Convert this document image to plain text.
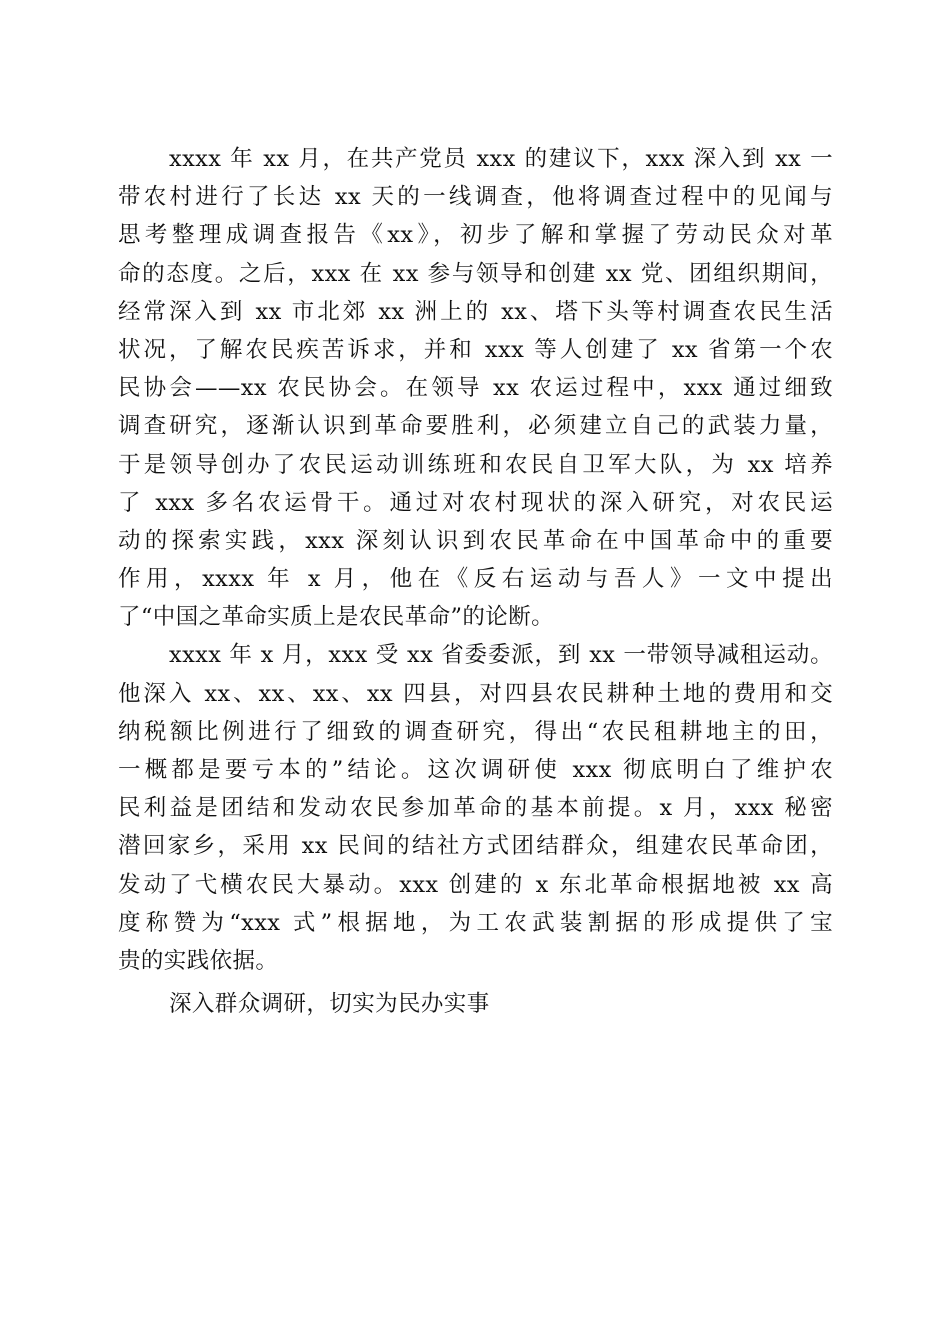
xxxx 年 xx 月，在共产党员 xxx 的建议下，xxx 深入到 xx 一
带农村进行了长达 xx 天的一线调查，他将调查过程中的见闻与
思考整理成调查报告《xx》，初步了解和掌握了劳动民众对革
命的态度。之后，xxx 在 xx 参与领导和创建 xx 党、团组织期间，
经常深入到 xx 市北郊 xx 洲上的 xx、塔下头等村调查农民生活
状况，了解农民疾苦诉求，并和 xxx 等人创建了 xx 省第一个农
民协会——xx 农民协会。在领导 xx 农运过程中，xxx 通过细致
调查研究，逐渐认识到革命要胜利，必须建立自己的武装力量，
于是领导创办了农民运动训练班和农民自卫军大队，为 xx 培养
了 xxx 多名农运骨干。通过对农村现状的深入研究，对农民运
动的探索实践，xxx 深刻认识到农民革命在中国革命中的重要
作用，xxxx 年 x 月，他在《反右运动与吾人》一文中提出
了“中国之革命实质上是农民革命”的论断。
xxxx 年 x 月，xxx 受 xx 省委委派，到 xx 一带领导减租运动。
他深入 xx、xx、xx、xx 四县，对四县农民耕种土地的费用和交
纳税额比例进行了细致的调查研究，得出“农民租耕地主的田，
一概都是要亏本的”结论。这次调研使 xxx 彻底明白了维护农
民利益是团结和发动农民参加革命的基本前提。x 月，xxx 秘密
潜回家乡，采用 xx 民间的结社方式团结群众，组建农民革命团，
发动了弋横农民大暴动。xxx 创建的 x 东北革命根据地被 xx 高
度称赞为“xxx 式”根据地，为工农武装割据的形成提供了宝
贵的实践依据。
深入群众调研，切实为民办实事
